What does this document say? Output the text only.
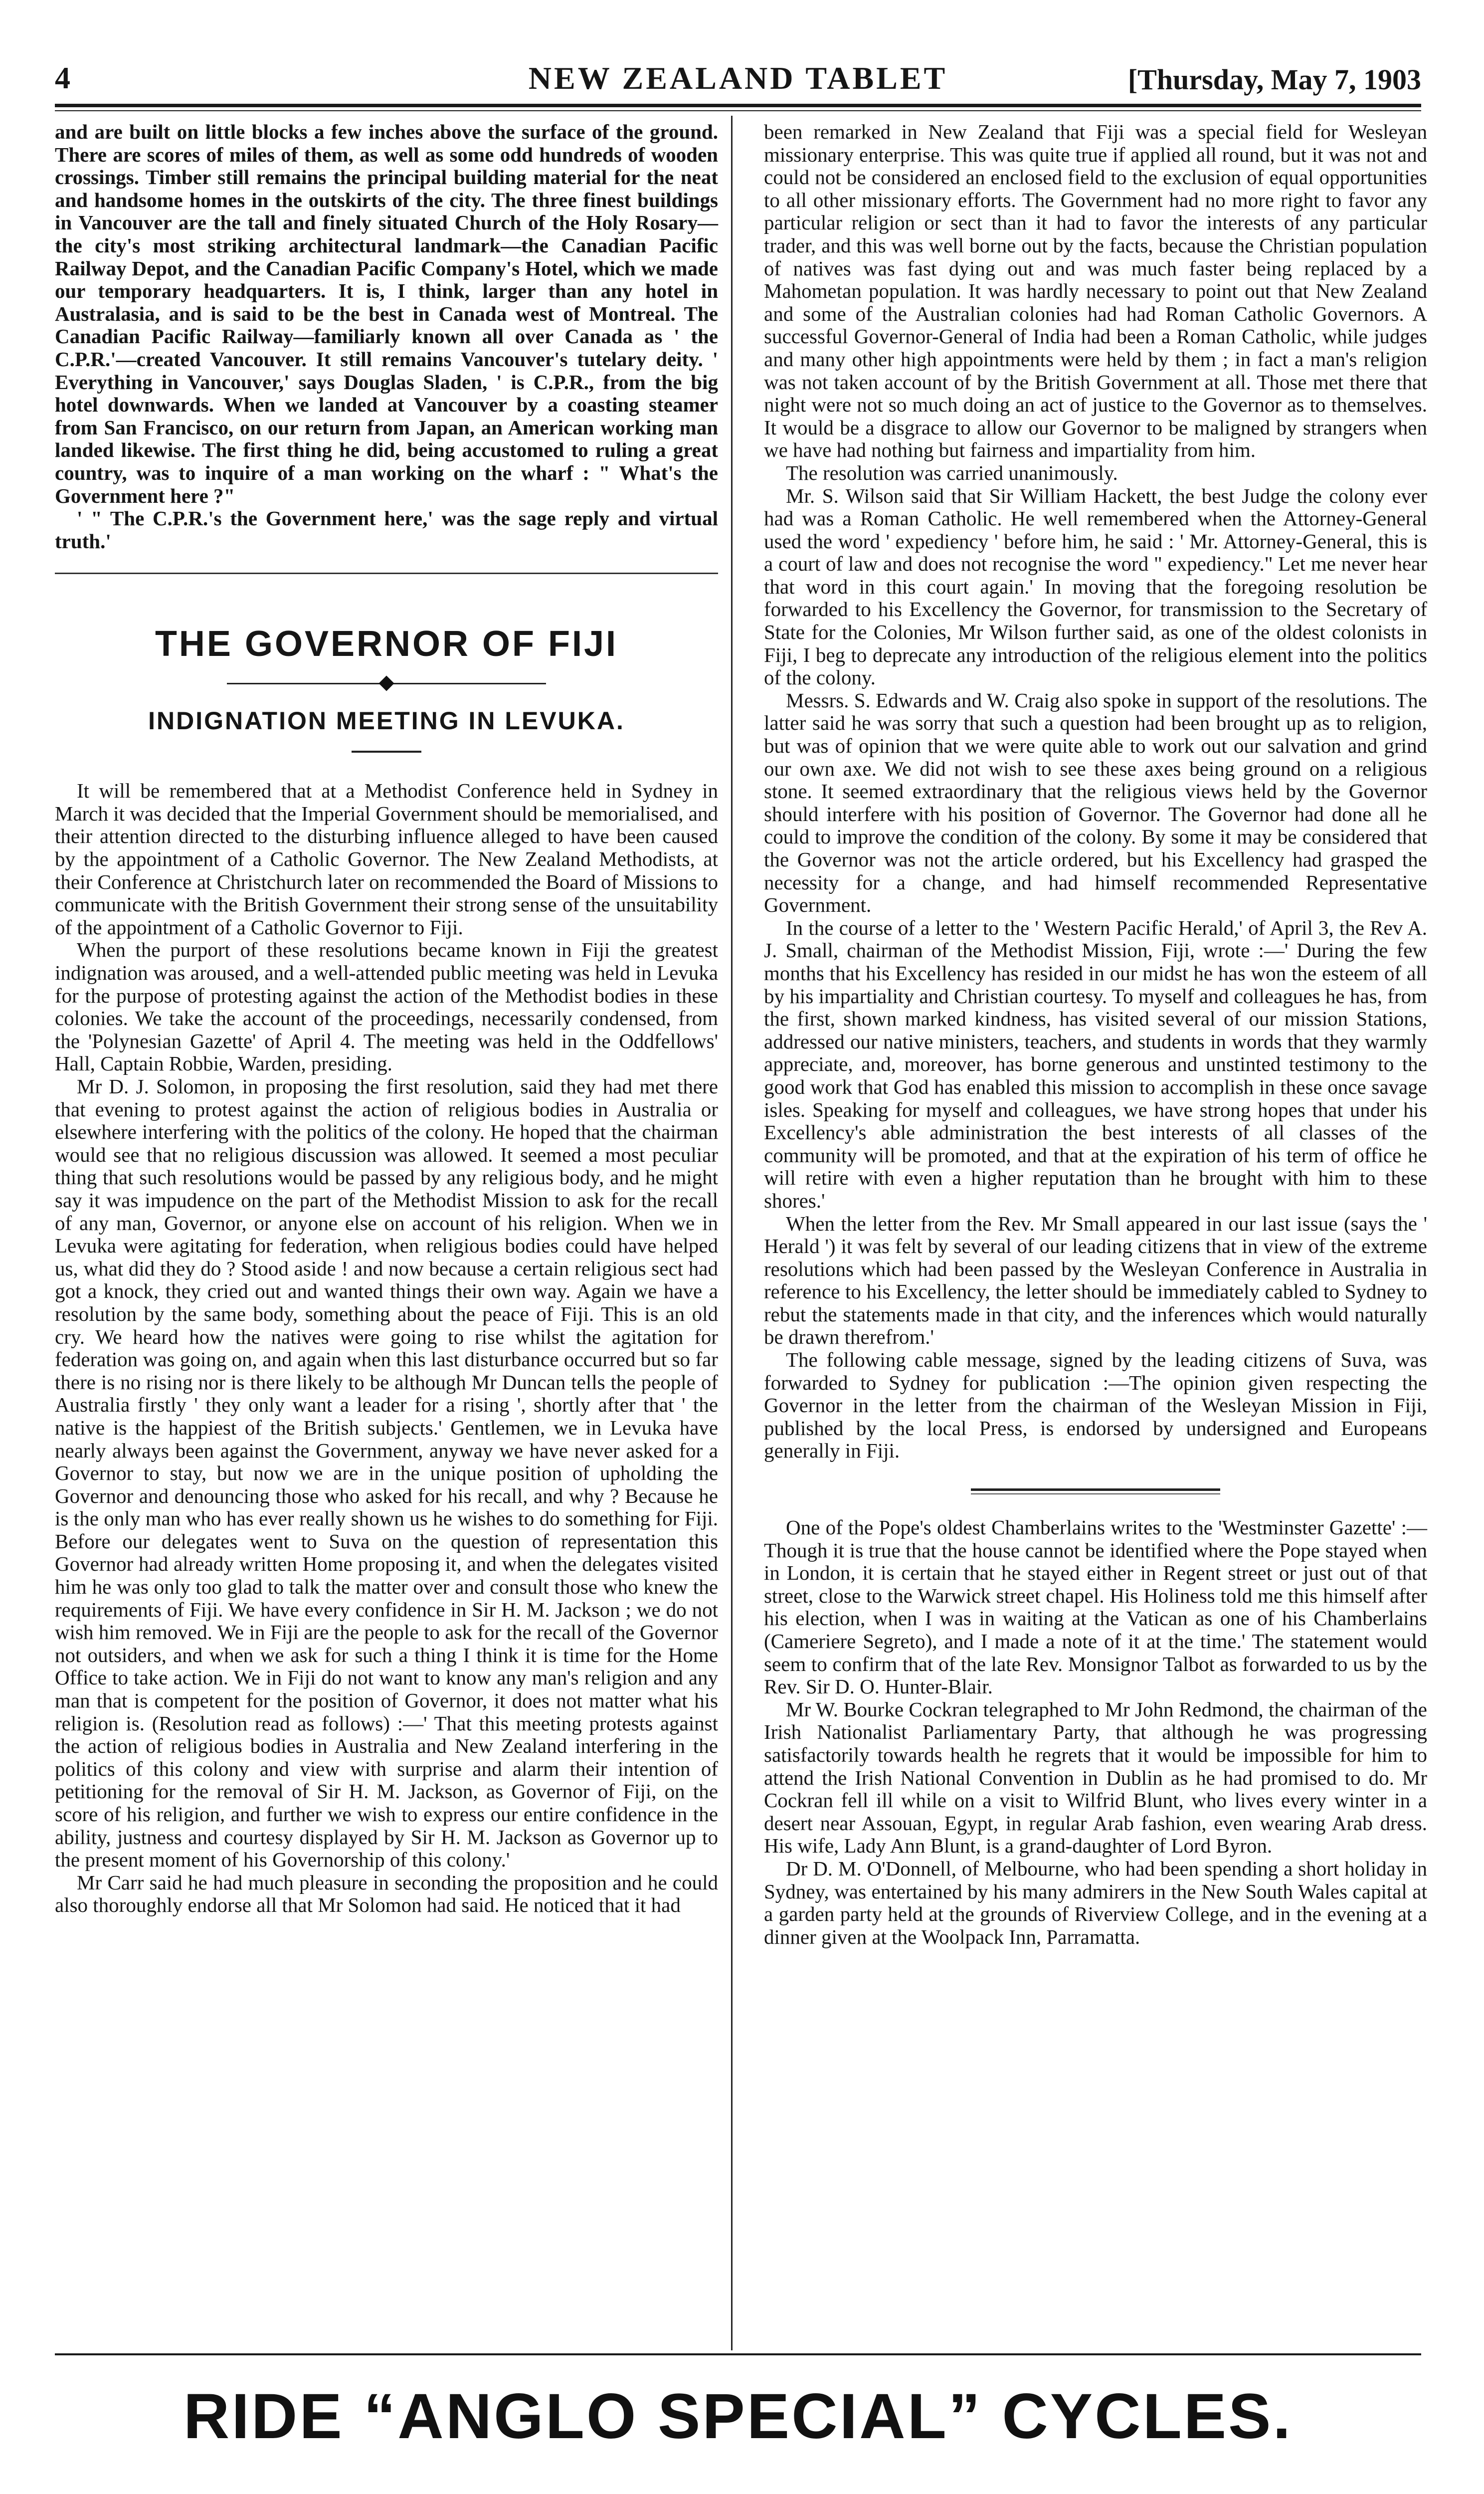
4	NEW ZEALAND TABLET	[Thursday, May 7, 1903

and are built on little blocks a few inches above the surface of the ground. There are scores of miles of them, as well as some odd hundreds of wooden crossings. Timber still remains the principal building material for the neat and handsome homes in the outskirts of the city. The three finest buildings in Vancouver are the tall and finely situated Church of the Holy Rosary—the city's most striking architectural landmark—the Canadian Pacific Railway Depot, and the Canadian Pacific Company's Hotel, which we made our temporary headquarters. It is, I think, larger than any hotel in Australasia, and is said to be the best in Canada west of Montreal. The Canadian Pacific Railway—familiarly known all over Canada as ' the C.P.R.'—created Vancouver. It still remains Vancouver's tutelary deity. ' Everything in Vancouver,' says Douglas Sladen, ' is C.P.R., from the big hotel downwards. When we landed at Vancouver by a coasting steamer from San Francisco, on our return from Japan, an American working man landed likewise. The first thing he did, being accustomed to ruling a great country, was to inquire of a man working on the wharf : " What's the Government here ?"

' " The C.P.R.'s the Government here,' was the sage reply and virtual truth.'

THE GOVERNOR OF FIJI
INDIGNATION MEETING IN LEVUKA.

It will be remembered that at a Methodist Conference held in Sydney in March it was decided that the Imperial Government should be memorialised, and their attention directed to the disturbing influence alleged to have been caused by the appointment of a Catholic Governor. The New Zealand Methodists, at their Conference at Christchurch later on recommended the Board of Missions to communicate with the British Government their strong sense of the unsuitability of the appointment of a Catholic Governor to Fiji.

When the purport of these resolutions became known in Fiji the greatest indignation was aroused, and a well-attended public meeting was held in Levuka for the purpose of protesting against the action of the Methodist bodies in these colonies. We take the account of the proceedings, necessarily condensed, from the 'Polynesian Gazette' of April 4. The meeting was held in the Oddfellows' Hall, Captain Robbie, Warden, presiding.

Mr D. J. Solomon, in proposing the first resolution, said they had met there that evening to protest against the action of religious bodies in Australia or elsewhere interfering with the politics of the colony. He hoped that the chairman would see that no religious discussion was allowed. It seemed a most peculiar thing that such resolutions would be passed by any religious body, and he might say it was impudence on the part of the Methodist Mission to ask for the recall of any man, Governor, or anyone else on account of his religion. When we in Levuka were agitating for federation, when religious bodies could have helped us, what did they do ? Stood aside ! and now because a certain religious sect had got a knock, they cried out and wanted things their own way. Again we have a resolution by the same body, something about the peace of Fiji. This is an old cry. We heard how the natives were going to rise whilst the agitation for federation was going on, and again when this last disturbance occurred but so far there is no rising nor is there likely to be although Mr Duncan tells the people of Australia firstly ' they only want a leader for a rising ', shortly after that ' the native is the happiest of the British subjects.' Gentlemen, we in Levuka have nearly always been against the Government, anyway we have never asked for a Governor to stay, but now we are in the unique position of upholding the Governor and denouncing those who asked for his recall, and why ? Because he is the only man who has ever really shown us he wishes to do something for Fiji. Before our delegates went to Suva on the question of representation this Governor had already written Home proposing it, and when the delegates visited him he was only too glad to talk the matter over and consult those who knew the requirements of Fiji. We have every confidence in Sir H. M. Jackson ; we do not wish him removed. We in Fiji are the people to ask for the recall of the Governor not outsiders, and when we ask for such a thing I think it is time for the Home Office to take action. We in Fiji do not want to know any man's religion and any man that is competent for the position of Governor, it does not matter what his religion is. (Resolution read as follows) :—' That this meeting protests against the action of religious bodies in Australia and New Zealand interfering in the politics of this colony and view with surprise and alarm their intention of petitioning for the removal of Sir H. M. Jackson, as Governor of Fiji, on the score of his religion, and further we wish to express our entire confidence in the ability, justness and courtesy displayed by Sir H. M. Jackson as Governor up to the present moment of his Governorship of this colony.'

Mr Carr said he had much pleasure in seconding the proposition and he could also thoroughly endorse all that Mr Solomon had said. He noticed that it had

been remarked in New Zealand that Fiji was a special field for Wesleyan missionary enterprise. This was quite true if applied all round, but it was not and could not be considered an enclosed field to the exclusion of equal opportunities to all other missionary efforts. The Government had no more right to favor any particular religion or sect than it had to favor the interests of any particular trader, and this was well borne out by the facts, because the Christian population of natives was fast dying out and was much faster being replaced by a Mahometan population. It was hardly necessary to point out that New Zealand and some of the Australian colonies had had Roman Catholic Governors. A successful Governor-General of India had been a Roman Catholic, while judges and many other high appointments were held by them ; in fact a man's religion was not taken account of by the British Government at all. Those met there that night were not so much doing an act of justice to the Governor as to themselves. It would be a disgrace to allow our Governor to be maligned by strangers when we have had nothing but fairness and impartiality from him.

The resolution was carried unanimously.

Mr. S. Wilson said that Sir William Hackett, the best Judge the colony ever had was a Roman Catholic. He well remembered when the Attorney-General used the word ' expediency ' before him, he said : ' Mr. Attorney-General, this is a court of law and does not recognise the word " expediency." Let me never hear that word in this court again.' In moving that the foregoing resolution be forwarded to his Excellency the Governor, for transmission to the Secretary of State for the Colonies, Mr Wilson further said, as one of the oldest colonists in Fiji, I beg to deprecate any introduction of the religious element into the politics of the colony.

Messrs. S. Edwards and W. Craig also spoke in support of the resolutions. The latter said he was sorry that such a question had been brought up as to religion, but was of opinion that we were quite able to work out our salvation and grind our own axe. We did not wish to see these axes being ground on a religious stone. It seemed extraordinary that the religious views held by the Governor should interfere with his position of Governor. The Governor had done all he could to improve the condition of the colony. By some it may be considered that the Governor was not the article ordered, but his Excellency had grasped the necessity for a change, and had himself recommended Representative Government.

In the course of a letter to the ' Western Pacific Herald,' of April 3, the Rev A. J. Small, chairman of the Methodist Mission, Fiji, wrote :—' During the few months that his Excellency has resided in our midst he has won the esteem of all by his impartiality and Christian courtesy. To myself and colleagues he has, from the first, shown marked kindness, has visited several of our mission Stations, addressed our native ministers, teachers, and students in words that they warmly appreciate, and, moreover, has borne generous and unstinted testimony to the good work that God has enabled this mission to accomplish in these once savage isles. Speaking for myself and colleagues, we have strong hopes that under his Excellency's able administration the best interests of all classes of the community will be promoted, and that at the expiration of his term of office he will retire with even a higher reputation than he brought with him to these shores.'

When the letter from the Rev. Mr Small appeared in our last issue (says the ' Herald ') it was felt by several of our leading citizens that in view of the extreme resolutions which had been passed by the Wesleyan Conference in Australia in reference to his Excellency, the letter should be immediately cabled to Sydney to rebut the statements made in that city, and the inferences which would naturally be drawn therefrom.'

The following cable message, signed by the leading citizens of Suva, was forwarded to Sydney for publication :—The opinion given respecting the Governor in the letter from the chairman of the Wesleyan Mission in Fiji, published by the local Press, is endorsed by undersigned and Europeans generally in Fiji.

One of the Pope's oldest Chamberlains writes to the 'Westminster Gazette' :— Though it is true that the house cannot be identified where the Pope stayed when in London, it is certain that he stayed either in Regent street or just out of that street, close to the Warwick street chapel. His Holiness told me this himself after his election, when I was in waiting at the Vatican as one of his Chamberlains (Cameriere Segreto), and I made a note of it at the time.' The statement would seem to confirm that of the late Rev. Monsignor Talbot as forwarded to us by the Rev. Sir D. O. Hunter-Blair.

Mr W. Bourke Cockran telegraphed to Mr John Redmond, the chairman of the Irish Nationalist Parliamentary Party, that although he was progressing satisfactorily towards health he regrets that it would be impossible for him to attend the Irish National Convention in Dublin as he had promised to do. Mr Cockran fell ill while on a visit to Wilfrid Blunt, who lives every winter in a desert near Assouan, Egypt, in regular Arab fashion, even wearing Arab dress. His wife, Lady Ann Blunt, is a grand-daughter of Lord Byron.

Dr D. M. O'Donnell, of Melbourne, who had been spending a short holiday in Sydney, was entertained by his many admirers in the New South Wales capital at a garden party held at the grounds of Riverview College, and in the evening at a dinner given at the Woolpack Inn, Parramatta.

RIDE “ANGLO SPECIAL” CYCLES.
